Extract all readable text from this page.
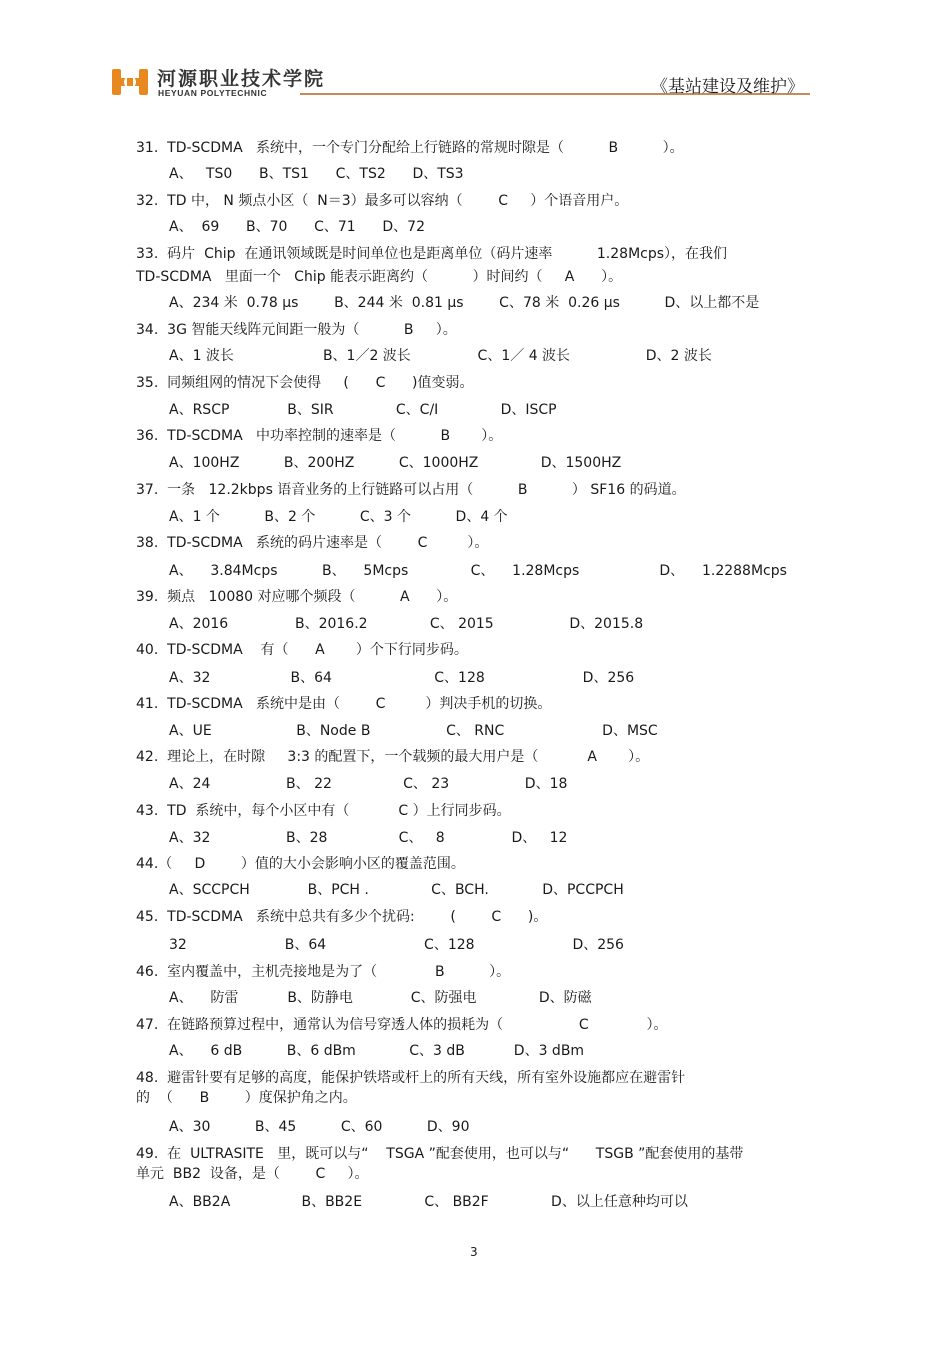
河源职业技术学院
HEYUAN POLYTECHNIC	《基站建设及维护》
31.  TD-SCDMA   系统中，一个专门分配给上行链路的常规时隙是（          B          ）。
A、   TS0      B、TS1      C、TS2      D、TS3
32.  TD 中， N 频点小区（  N＝3）最多可以容纳（        C     ）个语音用户。
A、  69      B、70      C、71      D、72
33.  码片  Chip  在通讯领域既是时间单位也是距离单位（码片速率          1.28Mcps），在我们
TD-SCDMA   里面一个   Chip 能表示距离约（          ）时间约（     A      ）。
A、234 米  0.78 μs        B、244 米  0.81 μs        C、78 米  0.26 μs          D、以上都不是
34.  3G 智能天线阵元间距一般为（          B     ）。
A、1 波长                    B、1／2 波长               C、1／ 4 波长                 D、2 波长
35.  同频组网的情况下会使得     (      C      )值变弱。
A、RSCP             B、SIR              C、C/I              D、ISCP
36.  TD-SCDMA   中功率控制的速率是（          B       ）。
A、100HZ          B、200HZ          C、1000HZ              D、1500HZ
37.  一条   12.2kbps 语音业务的上行链路可以占用（          B          ） SF16 的码道。
A、1 个          B、2 个          C、3 个          D、4 个
38.  TD-SCDMA   系统的码片速率是（        C         ）。
A、    3.84Mcps          B、    5Mcps              C、    1.28Mcps                  D、    1.2288Mcps
39.  频点   10080 对应哪个频段（          A      ）。
A、2016               B、2016.2              C、 2015                 D、2015.8
40.  TD-SCDMA    有（      A       ）个下行同步码。
A、32                  B、64                       C、128                      D、256
41.  TD-SCDMA   系统中是由（        C         ）判决手机的切换。
A、UE                   B、Node B                 C、 RNC                      D、MSC
42.  理论上，在时隙     3:3 的配置下，一个载频的最大用户是（           A       ）。
A、24                 B、 22                C、 23                 D、18
43.  TD  系统中，每个小区中有（           C ）上行同步码。
A、32                 B、28                C、   8               D、   12
44.（     D        ）值的大小会影响小区的覆盖范围。
A、SCCPCH             B、PCH .              C、BCH.            D、PCCPCH
45.  TD-SCDMA   系统中总共有多少个扰码:        (        C      )。
32                      B、64                      C、128                      D、256
46.  室内覆盖中，主机壳接地是为了（             B          ）。
A、    防雷           B、防静电             C、防强电              D、防磁
47.  在链路预算过程中，通常认为信号穿透人体的损耗为（                 C             ）。
A、    6 dB          B、6 dBm            C、3 dB           D、3 dBm
48.  避雷针要有足够的高度，能保护铁塔或杆上的所有天线，所有室外设施都应在避雷针
的  （      B        ）度保护角之内。
A、30          B、45          C、60          D、90
49.  在  ULTRASITE   里，既可以与“    TSGA ”配套使用，也可以与“      TSGB ”配套使用的基带
单元  BB2  设备，是（        C     ）。
A、BB2A                B、BB2E              C、 BB2F              D、以上任意种均可以
3
